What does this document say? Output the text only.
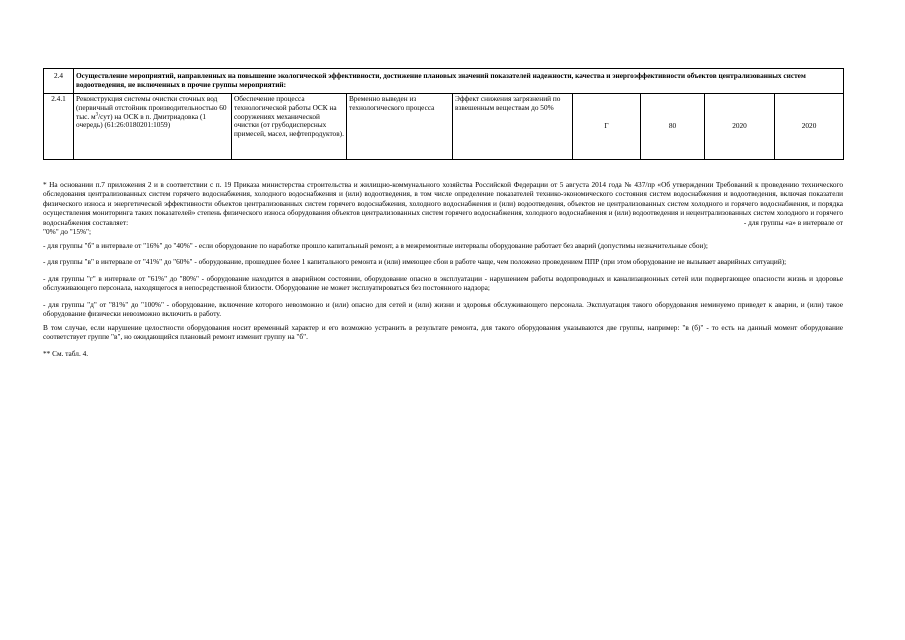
2.4	Осуществление мероприятий, направленных на повышение экологической эффективности, достижение плановых значений показателей надежности, качества и энергоэффективности объектов централизованных систем водоотведения, не включенных в прочие группы мероприятий:							
2.4.1	Реконструкция системы очистки сточных вод (первичный отстойник производительностью 60 тыс. $м^3/сут$) на ОСК в п. Дмитриадовка (1 очередь) (61:26:0180201:1059)	Обеспечение процесса технологической работы ОСК на сооружениях механической очистки (от грубодисперсных примесей, масел, нефтепродуктов).	Временно выведен из технологического процесса	Эффект снижения загрязнений по взвешенным веществам до 50%	Г	80	2020	2020

* На основании п.7 приложения 2 и в соответствии с п. 19 Приказа министерства строительства и жилищно-коммунального хозяйства Российской Федерации от 5 августа 2014 года № 437/пр «Об утверждении Требований к проведению технического обследования централизованных систем горячего водоснабжения, холодного водоснабжения и (или) водоотведения, в том числе определение показателей технико-экономического состояния систем водоснабжения и водоотведения, включая показатели физического износа и энергетической эффективности объектов централизованных систем горячего водоснабжения, холодного водоснабжения и (или) водоотведения, объектов не централизованных систем холодного и горячего водоснабжения, и порядка осуществления мониторинга таких показателей» степень физического износа оборудования объектов централизованных систем горячего водоснабжения, холодного водоснабжения и (или) водоотведения и нецентрализованных систем холодного и горячего водоснабжения составляет:	- для группы «а» в интервале от

"0%" до "15%";

- для группы "б" в интервале от "16%" до "40%" - если оборудование по наработке прошло капитальный ремонт, а в межремонтные интервалы оборудование работает без аварий (допустимы незначительные сбои);

- для группы "в" в интервале от "41%" до "60%" - оборудование, прошедшее более 1 капитального ремонта и (или) имеющее сбои в работе чаще, чем положено проведением ППР (при этом оборудование не вызывает аварийных ситуаций);

- для группы "г" в интервале от "61%" до "80%" - оборудование находится в аварийном состоянии, оборудование опасно в эксплуатации - нарушением работы водопроводных и канализационных сетей или подвергающее опасности жизнь и здоровье обслуживающего персонала, находящегося в непосредственной близости. Оборудование не может эксплуатироваться без постоянного надзора;

- для группы "д" от "81%" до "100%" - оборудование, включение которого невозможно и (или) опасно для сетей и (или) жизни и здоровья обслуживающего персонала. Эксплуатация такого оборудования неминуемо приведет к аварии, и (или) такое оборудование физически невозможно включить в работу.

В том случае, если нарушение целостности оборудования носит временный характер и его возможно устранить в результате ремонта, для такого оборудования указываются две группы, например: "в (б)" - то есть на данный момент оборудование соответствует группе "в", но ожидающийся плановый ремонт изменит группу на "б".

** См. табл. 4.
